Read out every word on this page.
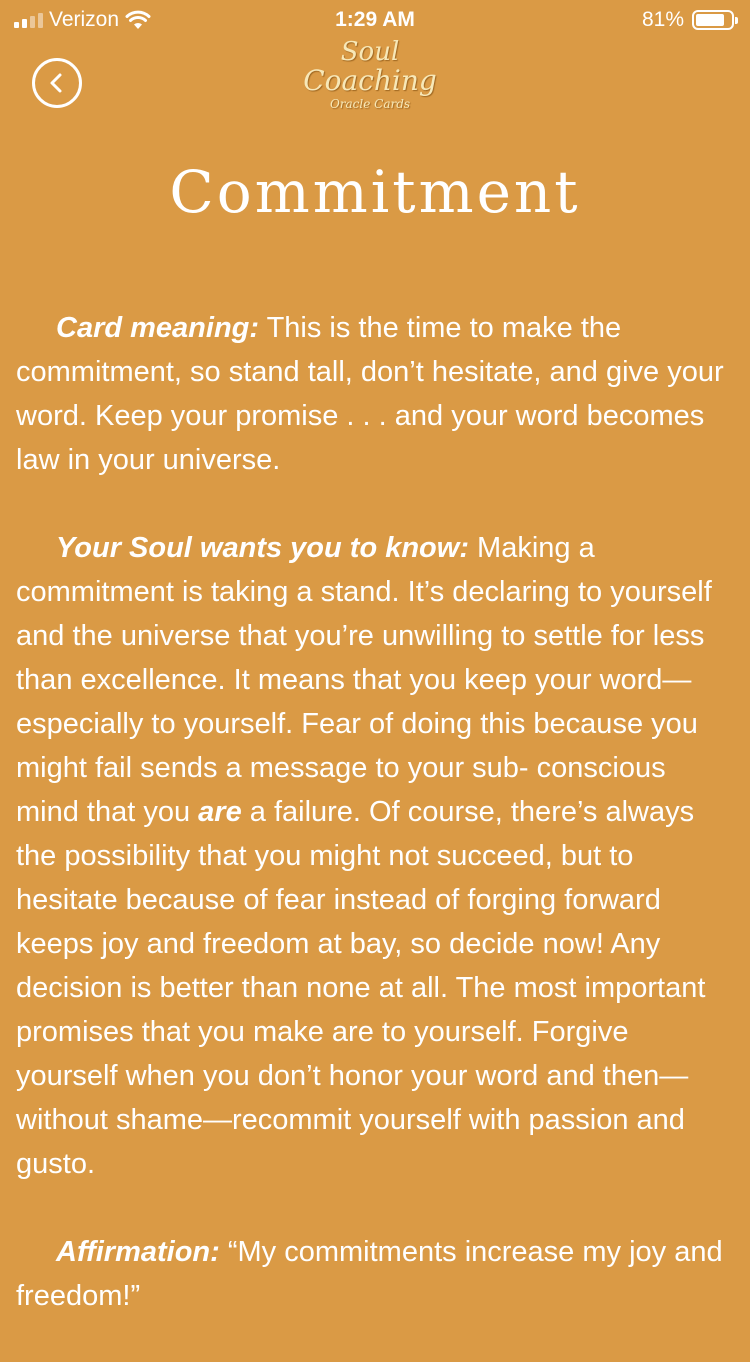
Verizon	1:29 AM	81%
Soul
Coaching
Oracle Cards
Commitment

Card meaning: This is the time to make the commitment, so stand tall, don’t hesitate, and give your word. Keep your promise . . . and your word becomes law in your universe.

Your Soul wants you to know: Making a commitment is taking a stand. It’s declaring to yourself and the universe that you’re unwilling to settle for less than excellence. It means that you keep your word—especially to yourself. Fear of doing this because you might fail sends a message to your sub- conscious mind that you are a failure. Of course, there’s always the possibility that you might not succeed, but to hesitate because of fear instead of forging forward keeps joy and freedom at bay, so decide now! Any decision is better than none at all. The most important promises that you make are to yourself. Forgive yourself when you don’t honor your word and then—without shame—recommit yourself with passion and gusto.

Affirmation: “My commitments increase my joy and freedom!”
